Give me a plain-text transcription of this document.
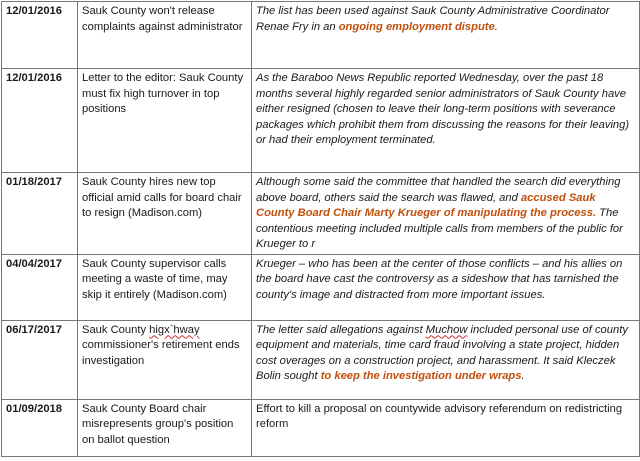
12/01/2016	Sauk County won't release complaints against administrator	The list has been used against Sauk County Administrative Coordinator Renae Fry in an ongoing employment dispute.
12/01/2016	Letter to the editor: Sauk County must fix high turnover in top positions	As the Baraboo News Republic reported Wednesday, over the past 18 months several highly regarded senior administrators of Sauk County have either resigned (chosen to leave their long-term positions with severance packages which prohibit them from discussing the reasons for their leaving) or had their employment terminated.
01/18/2017	Sauk County hires new top official amid calls for board chair to resign (Madison.com)	Although some said the committee that handled the search did everything above board, others said the search was flawed, and accused Sauk County Board Chair Marty Krueger of manipulating the process. The contentious meeting included multiple calls from members of the public for Krueger to r
04/04/2017	Sauk County supervisor calls meeting a waste of time, may skip it entirely (Madison.com)	Krueger – who has been at the center of those conflicts – and his allies on the board have cast the controversy as a sideshow that has tarnished the county's image and distracted from more important issues.
06/17/2017	Sauk County higx`hway commissioner's retirement ends investigation	The letter said allegations against Muchow included personal use of county equipment and materials, time card fraud involving a state project, hidden cost overages on a construction project, and harassment. It said Kleczek Bolin sought to keep the investigation under wraps.
01/09/2018	Sauk County Board chair misrepresents group's position on ballot question	Effort to kill a proposal on countywide advisory referendum on redistricting reform
